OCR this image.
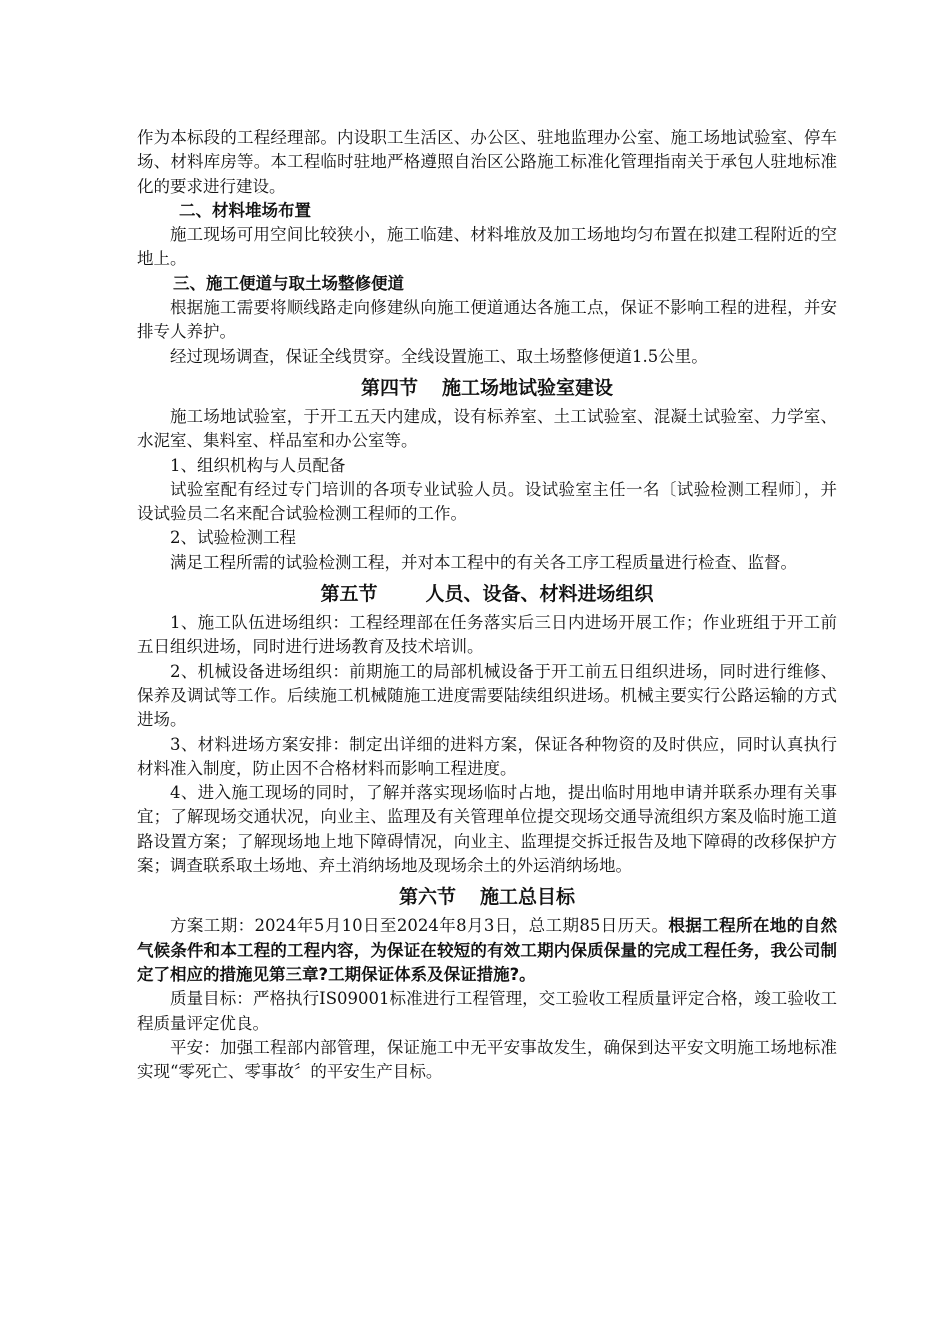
作为本标段的工程经理部。内设职工生活区、办公区、驻地监理办公室、施工场地试验室、停车场、材料库房等。本工程临时驻地严格遵照自治区公路施工标准化管理指南关于承包人驻地标准化的要求进行建设。

二、材料堆场布置

施工现场可用空间比较狭小，施工临建、材料堆放及加工场地均匀布置在拟建工程附近的空地上。

三、施工便道与取土场整修便道

根据施工需要将顺线路走向修建纵向施工便道通达各施工点，保证不影响工程的进程，并安排专人养护。

经过现场调查，保证全线贯穿。全线设置施工、取土场整修便道1.5公里。

第四节 施工场地试验室建设

施工场地试验室，于开工五天内建成，设有标养室、土工试验室、混凝土试验室、力学室、水泥室、集料室、样品室和办公室等。

1、组织机构与人员配备

试验室配有经过专门培训的各项专业试验人员。设试验室主任一名〔试验检测工程师〕，并设试验员二名来配合试验检测工程师的工作。

2、试验检测工程

满足工程所需的试验检测工程，并对本工程中的有关各工序工程质量进行检查、监督。

第五节	人员、设备、材料进场组织

1、施工队伍进场组织：工程经理部在任务落实后三日内进场开展工作；作业班组于开工前五日组织进场，同时进行进场教育及技术培训。

2、机械设备进场组织：前期施工的局部机械设备于开工前五日组织进场，同时进行维修、保养及调试等工作。后续施工机械随施工进度需要陆续组织进场。机械主要实行公路运输的方式进场。

3、材料进场方案安排：制定出详细的进料方案，保证各种物资的及时供应，同时认真执行材料准入制度，防止因不合格材料而影响工程进度。

4、进入施工现场的同时，了解并落实现场临时占地，提出临时用地申请并联系办理有关事宜；了解现场交通状况，向业主、监理及有关管理单位提交现场交通导流组织方案及临时施工道路设置方案；了解现场地上地下障碍情况，向业主、监理提交拆迁报告及地下障碍的改移保护方案；调查联系取土场地、弃土消纳场地及现场余土的外运消纳场地。

第六节 施工总目标

方案工期：2024年5月10日至2024年8月3日，总工期85日历天。根据工程所在地的自然气候条件和本工程的工程内容，为保证在较短的有效工期内保质保量的完成工程任务，我公司制定了相应的措施见第三章?工期保证体系及保证措施?。

质量目标：严格执行IS09001标准进行工程管理，交工验收工程质量评定合格，竣工验收工程质量评定优良。

平安：加强工程部内部管理，保证施工中无平安事故发生，确保到达平安文明施工场地标准实现“零死亡、零事故〞的平安生产目标。
